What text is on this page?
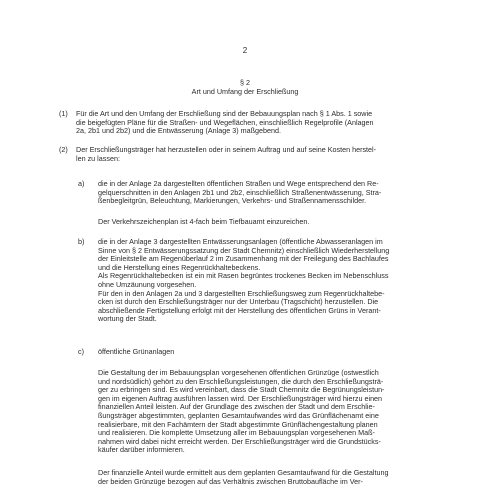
2
§ 2
Art und Umfang der Erschließung
(1) Für die Art und den Umfang der Erschließung sind der Bebauungsplan nach § 1 Abs. 1 sowie
die beigefügten Pläne für die Straßen- und Wegeflächen, einschließlich Regelprofile (Anlagen
2a, 2b1 und 2b2) und die Entwässerung (Anlage 3) maßgebend.
(2) Der Erschließungsträger hat herzustellen oder in seinem Auftrag und auf seine Kosten herstel-
len zu lassen:
a) die in der Anlage 2a dargestellten öffentlichen Straßen und Wege entsprechend den Re-
gelquerschnitten in den Anlagen 2b1 und 2b2, einschließlich Straßenentwässerung, Stra-
ßenbegleitgrün, Beleuchtung, Markierungen, Verkehrs- und Straßennamensschilder.
Der Verkehrszeichenplan ist 4-fach beim Tiefbauamt einzureichen.
b) die in der Anlage 3 dargestellten Entwässerungsanlagen (öffentliche Abwasseranlagen im
Sinne von § 2 Entwässerungssatzung der Stadt Chemnitz) einschließlich Wiederherstellung
der Einleitstelle am Regenüberlauf 2 im Zusammenhang mit der Freilegung des Bachlaufes
und die Herstellung eines Regenrückhaltebeckens.
Als Regenrückhaltebecken ist ein mit Rasen begrüntes trockenes Becken im Nebenschluss
ohne Umzäunung vorgesehen.
Für den in den Anlagen 2a und 3 dargestellten Erschließungsweg zum Regenrückhaltebe-
cken ist durch den Erschließungsträger nur der Unterbau (Tragschicht) herzustellen. Die
abschließende Fertigstellung erfolgt mit der Herstellung des öffentlichen Grüns in Verant-
wortung der Stadt.
c) öffentliche Grünanlagen
Die Gestaltung der im Bebauungsplan vorgesehenen öffentlichen Grünzüge (ostwestlich
und nordsüdlich) gehört zu den Erschließungsleistungen, die durch den Erschließungsträ-
ger zu erbringen sind. Es wird vereinbart, dass die Stadt Chemnitz die Begrünungsleistun-
gen im eigenen Auftrag ausführen lassen wird. Der Erschließungsträger wird hierzu einen
finanziellen Anteil leisten. Auf der Grundlage des zwischen der Stadt und dem Erschlie-
ßungsträger abgestimmten, geplanten Gesamtaufwandes wird das Grünflächenamt eine
realisierbare, mit den Fachämtern der Stadt abgestimmte Grünflächengestaltung planen
und realisieren. Die komplette Umsetzung aller im Bebauungsplan vorgesehenen Maß-
nahmen wird dabei nicht erreicht werden. Der Erschließungsträger wird die Grundstücks-
käufer darüber informieren.
Der finanzielle Anteil wurde ermittelt aus dem geplanten Gesamtaufwand für die Gestaltung
der beiden Grünzüge bezogen auf das Verhältnis zwischen Bruttobaufläche im Ver-
